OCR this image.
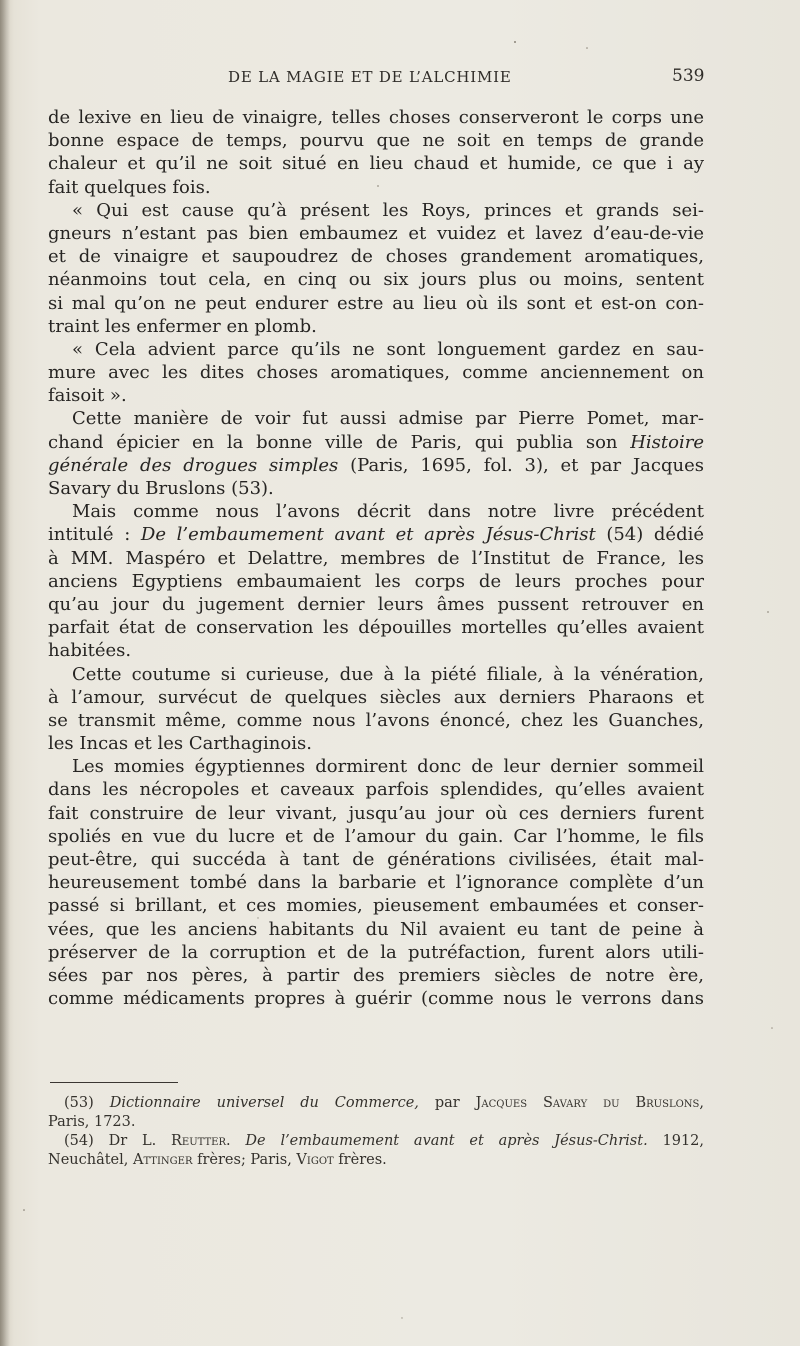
DE LA MAGIE ET DE L’ALCHIMIE	539
de lexive en lieu de vinaigre, telles choses conserveront le corps une
bonne espace de temps, pourvu que ne soit en temps de grande
chaleur et qu’il ne soit situé en lieu chaud et humide, ce que i ay
fait quelques fois.
« Qui est cause qu’à présent les Roys, princes et grands sei-
gneurs n’estant pas bien embaumez et vuidez et lavez d’eau-de-vie
et de vinaigre et saupoudrez de choses grandement aromatiques,
néanmoins tout cela, en cinq ou six jours plus ou moins, sentent
si mal qu’on ne peut endurer estre au lieu où ils sont et est-on con-
traint les enfermer en plomb.
« Cela advient parce qu’ils ne sont longuement gardez en sau-
mure avec les dites choses aromatiques, comme anciennement on
faisoit ».
Cette manière de voir fut aussi admise par Pierre Pomet, mar-
chand épicier en la bonne ville de Paris, qui publia son Histoire
générale des drogues simples (Paris, 1695, fol. 3), et par Jacques
Savary du Bruslons (53).
Mais comme nous l’avons décrit dans notre livre précédent
intitulé : De l’embaumement avant et après Jésus-Christ (54) dédié
à MM. Maspéro et Delattre, membres de l’Institut de France, les
anciens Egyptiens embaumaient les corps de leurs proches pour
qu’au jour du jugement dernier leurs âmes pussent retrouver en
parfait état de conservation les dépouilles mortelles qu’elles avaient
habitées.
Cette coutume si curieuse, due à la piété filiale, à la vénération,
à l’amour, survécut de quelques siècles aux derniers Pharaons et
se transmit même, comme nous l’avons énoncé, chez les Guanches,
les Incas et les Carthaginois.
Les momies égyptiennes dormirent donc de leur dernier sommeil
dans les nécropoles et caveaux parfois splendides, qu’elles avaient
fait construire de leur vivant, jusqu’au jour où ces derniers furent
spoliés en vue du lucre et de l’amour du gain. Car l’homme, le fils
peut-être, qui succéda à tant de générations civilisées, était mal-
heureusement tombé dans la barbarie et l’ignorance complète d’un
passé si brillant, et ces momies, pieusement embaumées et conser-
vées, que les anciens habitants du Nil avaient eu tant de peine à
préserver de la corruption et de la putréfaction, furent alors utili-
sées par nos pères, à partir des premiers siècles de notre ère,
comme médicaments propres à guérir (comme nous le verrons dans
(53) Dictionnaire universel du Commerce, par Jacques Savary du Bruslons,
Paris, 1723.
(54) Dr L. Reutter. De l’embaumement avant et après Jésus-Christ. 1912,
Neuchâtel, Attinger frères; Paris, Vigot frères.
